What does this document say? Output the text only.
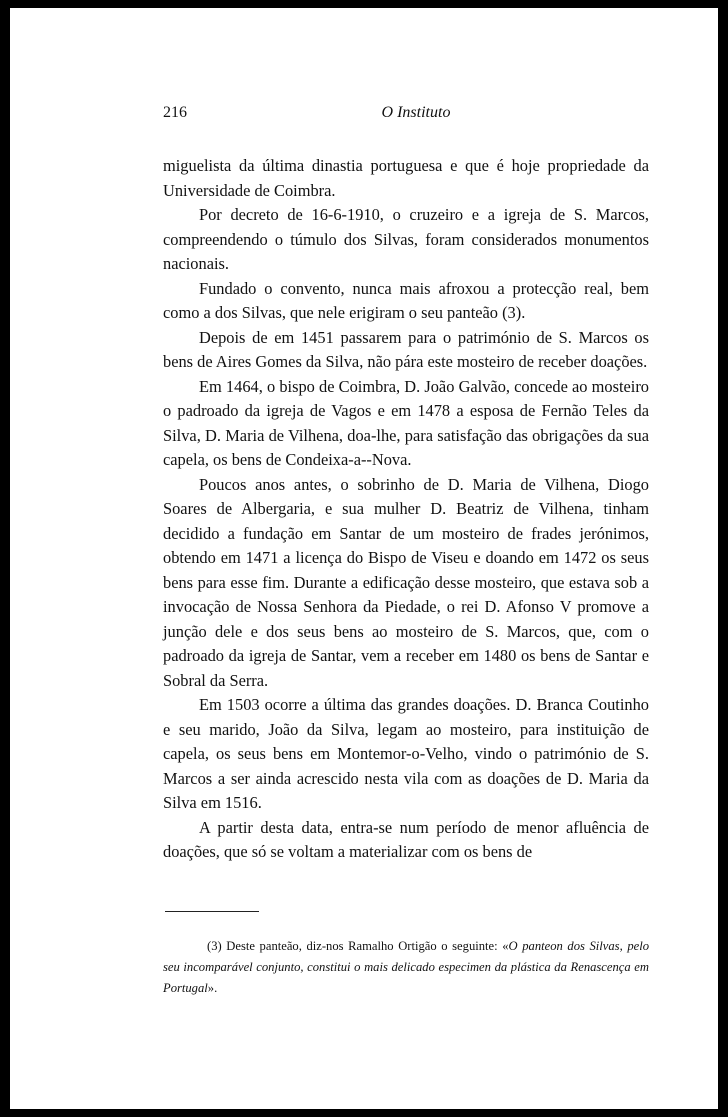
216	O Instituto

miguelista da última dinastia portuguesa e que é hoje propriedade da Universidade de Coimbra.

Por decreto de 16-6-1910, o cruzeiro e a igreja de S. Marcos, compreendendo o túmulo dos Silvas, foram considerados monumentos nacionais.

Fundado o convento, nunca mais afroxou a protecção real, bem como a dos Silvas, que nele erigiram o seu panteão (3).

Depois de em 1451 passarem para o património de S. Marcos os bens de Aires Gomes da Silva, não pára este mosteiro de receber doações.

Em 1464, o bispo de Coimbra, D. João Galvão, concede ao mosteiro o padroado da igreja de Vagos e em 1478 a esposa de Fernão Teles da Silva, D. Maria de Vilhena, doa-lhe, para satisfação das obrigações da sua capela, os bens de Condeixa-a--Nova.

Poucos anos antes, o sobrinho de D. Maria de Vilhena, Diogo Soares de Albergaria, e sua mulher D. Beatriz de Vilhena, tinham decidido a fundação em Santar de um mosteiro de frades jerónimos, obtendo em 1471 a licença do Bispo de Viseu e doando em 1472 os seus bens para esse fim. Durante a edificação desse mosteiro, que estava sob a invocação de Nossa Senhora da Piedade, o rei D. Afonso V promove a junção dele e dos seus bens ao mosteiro de S. Marcos, que, com o padroado da igreja de Santar, vem a receber em 1480 os bens de Santar e Sobral da Serra.

Em 1503 ocorre a última das grandes doações. D. Branca Coutinho e seu marido, João da Silva, legam ao mosteiro, para instituição de capela, os seus bens em Montemor-o-Velho, vindo o património de S. Marcos a ser ainda acrescido nesta vila com as doações de D. Maria da Silva em 1516.

A partir desta data, entra-se num período de menor afluência de doações, que só se voltam a materializar com os bens de

(3) Deste panteão, diz-nos Ramalho Ortigão o seguinte: «O panteon dos Silvas, pelo seu incomparável conjunto, constitui o mais delicado especimen da plástica da Renascença em Portugal».
